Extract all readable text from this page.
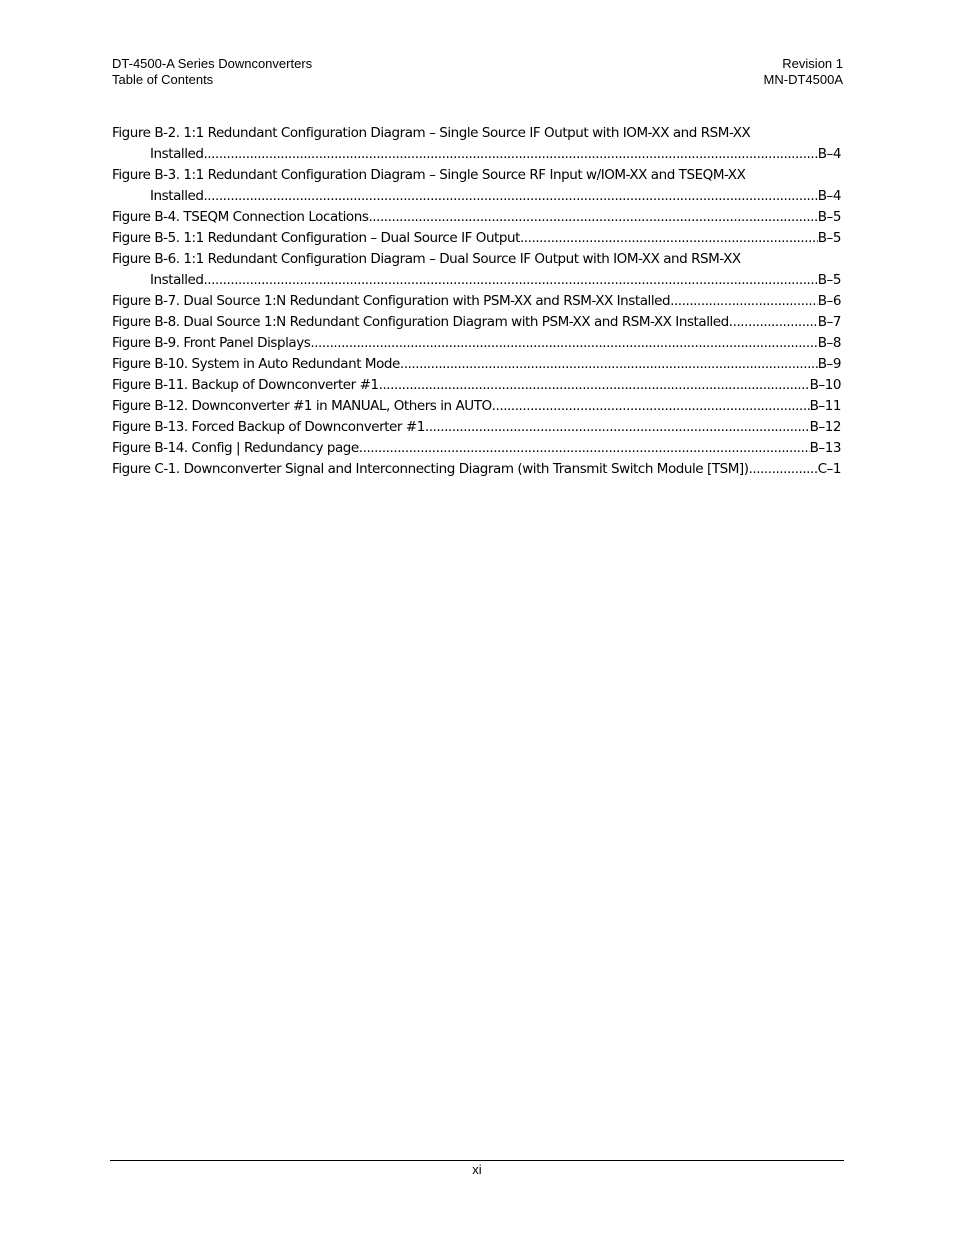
DT-4500-A Series Downconverters	Revision 1
Table of Contents	MN-DT4500A
Figure B-2. 1:1 Redundant Configuration Diagram – Single Source IF Output with IOM-XX and RSM-XX
Installed .....	B–4
Figure B-3. 1:1 Redundant Configuration Diagram – Single Source RF Input w/IOM-XX and TSEQM-XX
Installed .....	B–4
Figure B-4. TSEQM Connection Locations .....	B–5
Figure B-5. 1:1 Redundant Configuration – Dual Source IF Output .....	B–5
Figure B-6. 1:1 Redundant Configuration Diagram – Dual Source IF Output with IOM-XX and RSM-XX
Installed .....	B–5
Figure B-7. Dual Source 1:N Redundant Configuration with PSM-XX and RSM-XX Installed .....	B–6
Figure B-8. Dual Source 1:N Redundant Configuration Diagram with PSM-XX and RSM-XX Installed .....	B–7
Figure B-9. Front Panel Displays .....	B–8
Figure B-10. System in Auto Redundant Mode .....	B–9
Figure B-11. Backup of Downconverter #1 .....	B–10
Figure B-12. Downconverter #1 in MANUAL, Others in AUTO .....	B–11
Figure B-13. Forced Backup of Downconverter #1 .....	B–12
Figure B-14. Config | Redundancy page .....	B–13
Figure C-1. Downconverter Signal and Interconnecting Diagram (with Transmit Switch Module [TSM]) .....	C–1
xi
